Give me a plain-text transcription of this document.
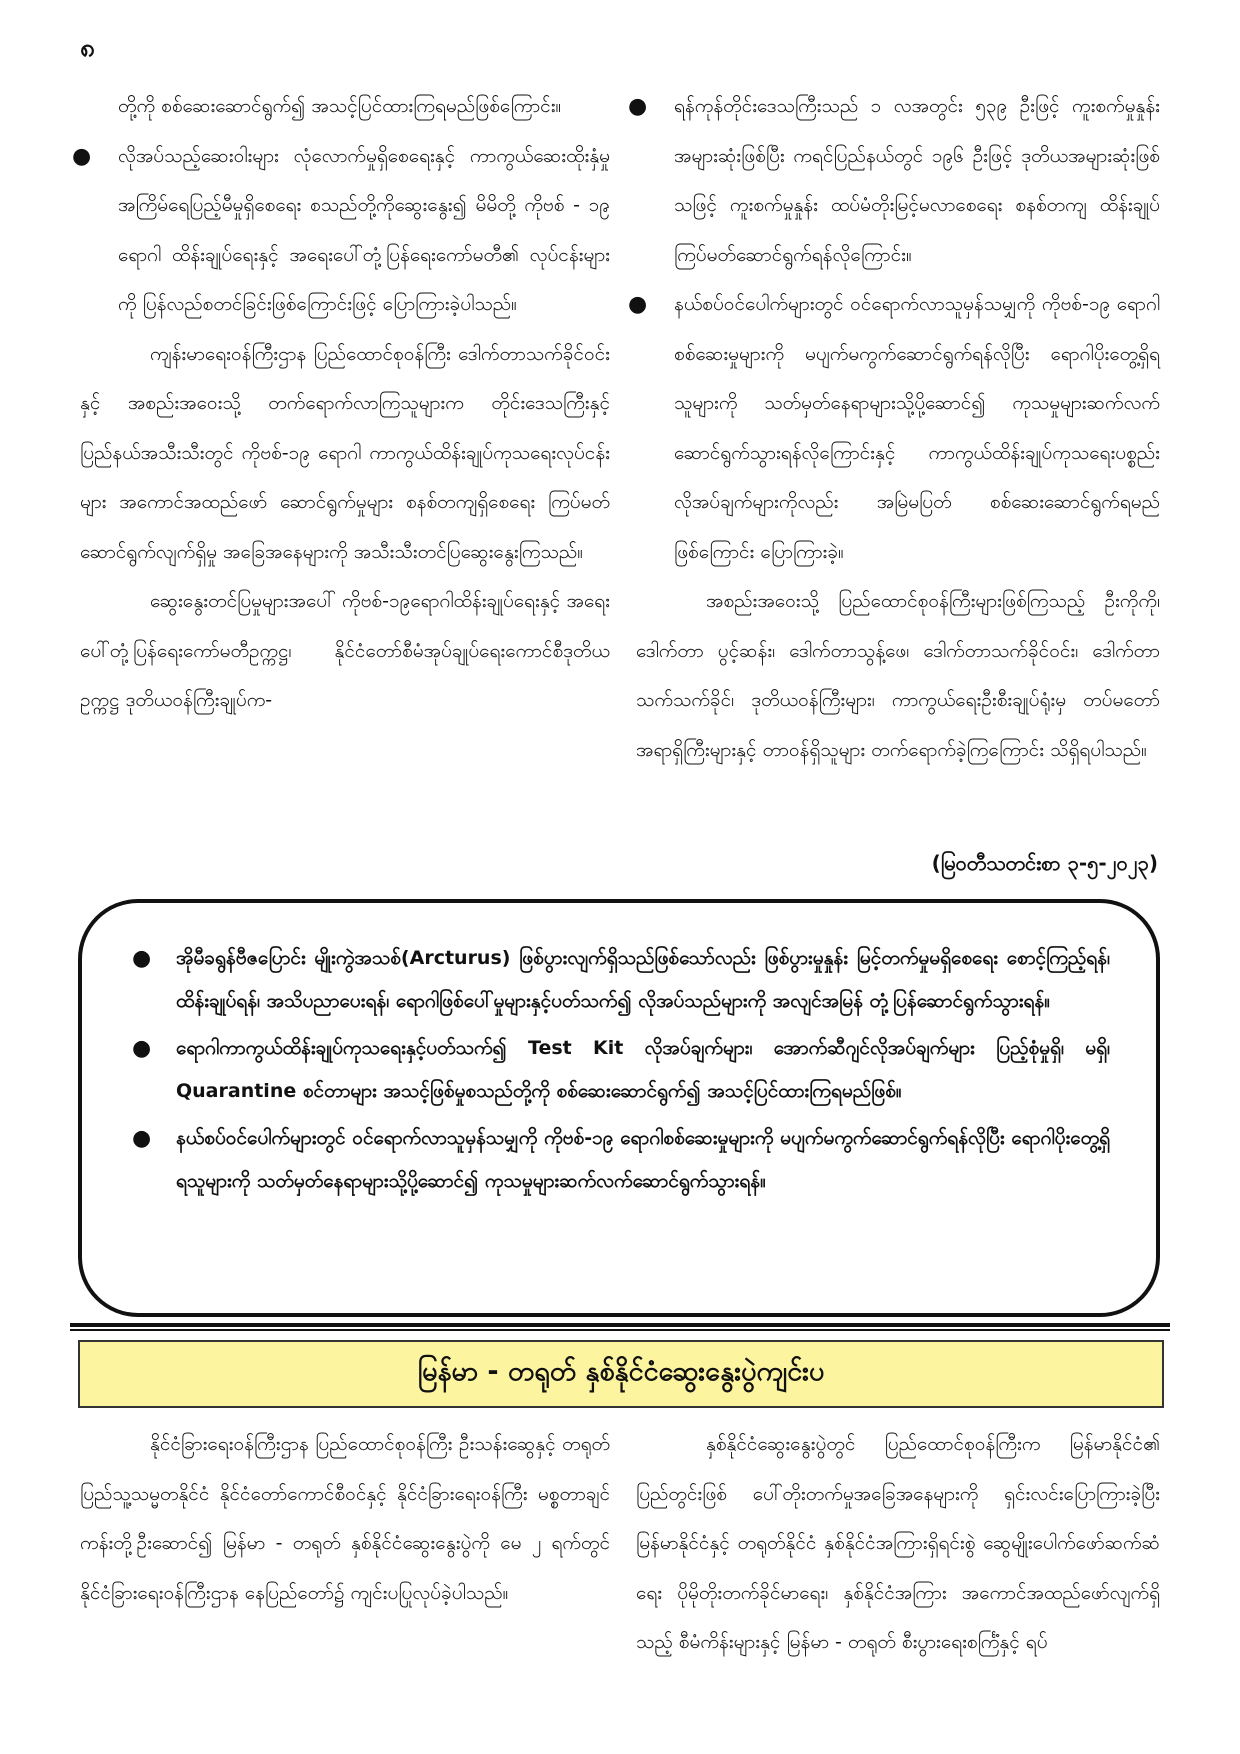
၈

တို့ကို စစ်ဆေးဆောင်ရွက်၍ အသင့်ပြင်ထားကြရမည်ဖြစ်ကြောင်း။

● လိုအပ်သည့်ဆေးဝါးများ လုံလောက်မှုရှိစေရေးနှင့် ကာကွယ်ဆေးထိုးနှံမှု အကြိမ်ရေပြည့်မီမှုရှိစေရေး စသည်တို့ကိုဆွေးနွေး၍ မိမိတို့ ကိုဗစ် - ၁၉ ရောဂါ ထိန်းချုပ်ရေးနှင့် အရေးပေါ်တုံ့ပြန်ရေးကော်မတီ၏ လုပ်ငန်းများကို ပြန်လည်စတင်ခြင်းဖြစ်ကြောင်းဖြင့် ပြောကြားခဲ့ပါသည်။

ကျန်းမာရေးဝန်ကြီးဌာန ပြည်ထောင်စုဝန်ကြီး ဒေါက်တာသက်ခိုင်ဝင်းနှင့် အစည်းအဝေးသို့ တက်ရောက်လာကြသူများက တိုင်းဒေသကြီးနှင့် ပြည်နယ်အသီးသီးတွင် ကိုဗစ်-၁၉ ရောဂါ ကာကွယ်ထိန်းချုပ်ကုသရေးလုပ်ငန်းများ အကောင်အထည်ဖော် ဆောင်ရွက်မှုများ စနစ်တကျရှိစေရေး ကြပ်မတ်ဆောင်ရွက်လျက်ရှိမှု အခြေအနေများကို အသီးသီးတင်ပြဆွေးနွေးကြသည်။

ဆွေးနွေးတင်ပြမှုများအပေါ် ကိုဗစ်-၁၉ရောဂါထိန်းချုပ်ရေးနှင့် အရေးပေါ်တုံ့ပြန်ရေးကော်မတီဥက္ကဋ္ဌ၊ နိုင်ငံတော်စီမံအုပ်ချုပ်ရေးကောင်စီဒုတိယဥက္ကဋ္ဌ ဒုတိယဝန်ကြီးချုပ်က-

● ရန်ကုန်တိုင်းဒေသကြီးသည် ၁ လအတွင်း ၅၃၉ ဦးဖြင့် ကူးစက်မှုနှုန်း အများဆုံးဖြစ်ပြီး ကရင်ပြည်နယ်တွင် ၁၉၆ ဦးဖြင့် ဒုတိယအများဆုံးဖြစ်သဖြင့် ကူးစက်မှုနှုန်း ထပ်မံတိုးမြင့်မလာစေရေး စနစ်တကျ ထိန်းချုပ်ကြပ်မတ်ဆောင်ရွက်ရန်လိုကြောင်း။

● နယ်စပ်ဝင်ပေါက်များတွင် ဝင်ရောက်လာသူမှန်သမျှကို ကိုဗစ်-၁၉ ရောဂါစစ်ဆေးမှုများကို မပျက်မကွက်ဆောင်ရွက်ရန်လိုပြီး ရောဂါပိုးတွေ့ရှိရသူများကို သတ်မှတ်နေရာများသို့ပို့ဆောင်၍ ကုသမှုများဆက်လက်ဆောင်ရွက်သွားရန်လိုကြောင်းနှင့် ကာကွယ်ထိန်းချုပ်ကုသရေးပစ္စည်းလိုအပ်ချက်များကိုလည်း အမြဲမပြတ် စစ်ဆေးဆောင်ရွက်ရမည်ဖြစ်ကြောင်း ပြောကြားခဲ့။

အစည်းအဝေးသို့ ပြည်ထောင်စုဝန်ကြီးများဖြစ်ကြသည့် ဦးကိုကို၊ ဒေါက်တာ ပွင့်ဆန်း၊ ဒေါက်တာသွန့်ဖေ၊ ဒေါက်တာသက်ခိုင်ဝင်း၊ ဒေါက်တာသက်သက်ခိုင်၊ ဒုတိယဝန်ကြီးများ၊ ကာကွယ်ရေးဦးစီးချုပ်ရုံးမှ တပ်မတော်အရာရှိကြီးများနှင့် တာဝန်ရှိသူများ တက်ရောက်ခဲ့ကြကြောင်း သိရှိရပါသည်။

(မြဝတီသတင်းစာ ၃-၅-၂၀၂၃)
● အိုမီခရွန်ဗီဇပြောင်း မျိုးကွဲအသစ်(Arcturus) ဖြစ်ပွားလျက်ရှိသည်ဖြစ်သော်လည်း ဖြစ်ပွားမှုနှုန်း မြင့်တက်မှုမရှိစေရေး စောင့်ကြည့်ရန်၊ ထိန်းချုပ်ရန်၊ အသိပညာပေးရန်၊ ရောဂါဖြစ်ပေါ်မှုများနှင့်ပတ်သက်၍ လိုအပ်သည်များကို အလျင်အမြန် တုံ့ပြန်ဆောင်ရွက်သွားရန်။
● ရောဂါကာကွယ်ထိန်းချုပ်ကုသရေးနှင့်ပတ်သက်၍ Test Kit လိုအပ်ချက်များ၊ အောက်ဆီဂျင်လိုအပ်ချက်များ ပြည့်စုံမှုရှိ၊ မရှိ၊ Quarantine စင်တာများ အသင့်ဖြစ်မှုစသည်တို့ကို စစ်ဆေးဆောင်ရွက်၍ အသင့်ပြင်ထားကြရမည်ဖြစ်။
● နယ်စပ်ဝင်ပေါက်များတွင် ဝင်ရောက်လာသူမှန်သမျှကို ကိုဗစ်-၁၉ ရောဂါစစ်ဆေးမှုများကို မပျက်မကွက်ဆောင်ရွက်ရန်လိုပြီး ရောဂါပိုးတွေ့ရှိရသူများကို သတ်မှတ်နေရာများသို့ပို့ဆောင်၍ ကုသမှုများဆက်လက်ဆောင်ရွက်သွားရန်။
မြန်မာ - တရုတ် နှစ်နိုင်ငံဆွေးနွေးပွဲကျင်းပ

နိုင်ငံခြားရေးဝန်ကြီးဌာန ပြည်ထောင်စုဝန်ကြီး ဦးသန်းဆွေနှင့် တရုတ်ပြည်သူ့သမ္မတနိုင်ငံ နိုင်ငံတော်ကောင်စီဝင်နှင့် နိုင်ငံခြားရေးဝန်ကြီး မစ္စတာချင်ကန်းတို့ဦးဆောင်၍ မြန်မာ - တရုတ် နှစ်နိုင်ငံဆွေးနွေးပွဲကို မေ ၂ ရက်တွင် နိုင်ငံခြားရေးဝန်ကြီးဌာန နေပြည်တော်၌ ကျင်းပပြုလုပ်ခဲ့ပါသည်။

နှစ်နိုင်ငံဆွေးနွေးပွဲတွင် ပြည်ထောင်စုဝန်ကြီးက မြန်မာနိုင်ငံ၏ ပြည်တွင်းဖြစ် ပေါ်တိုးတက်မှုအခြေအနေများကို ရှင်းလင်းပြောကြားခဲ့ပြီး မြန်မာနိုင်ငံနှင့် တရုတ်နိုင်ငံ နှစ်နိုင်ငံအကြားရှိရင်းစွဲ ဆွေမျိုးပေါက်ဖော်ဆက်ဆံရေး ပိုမိုတိုးတက်ခိုင်မာရေး၊ နှစ်နိုင်ငံအကြား အကောင်အထည်ဖော်လျက်ရှိသည့် စီမံကိန်းများနှင့် မြန်မာ - တရုတ် စီးပွားရေးစင်္ကြံနှင့် ရပ်
